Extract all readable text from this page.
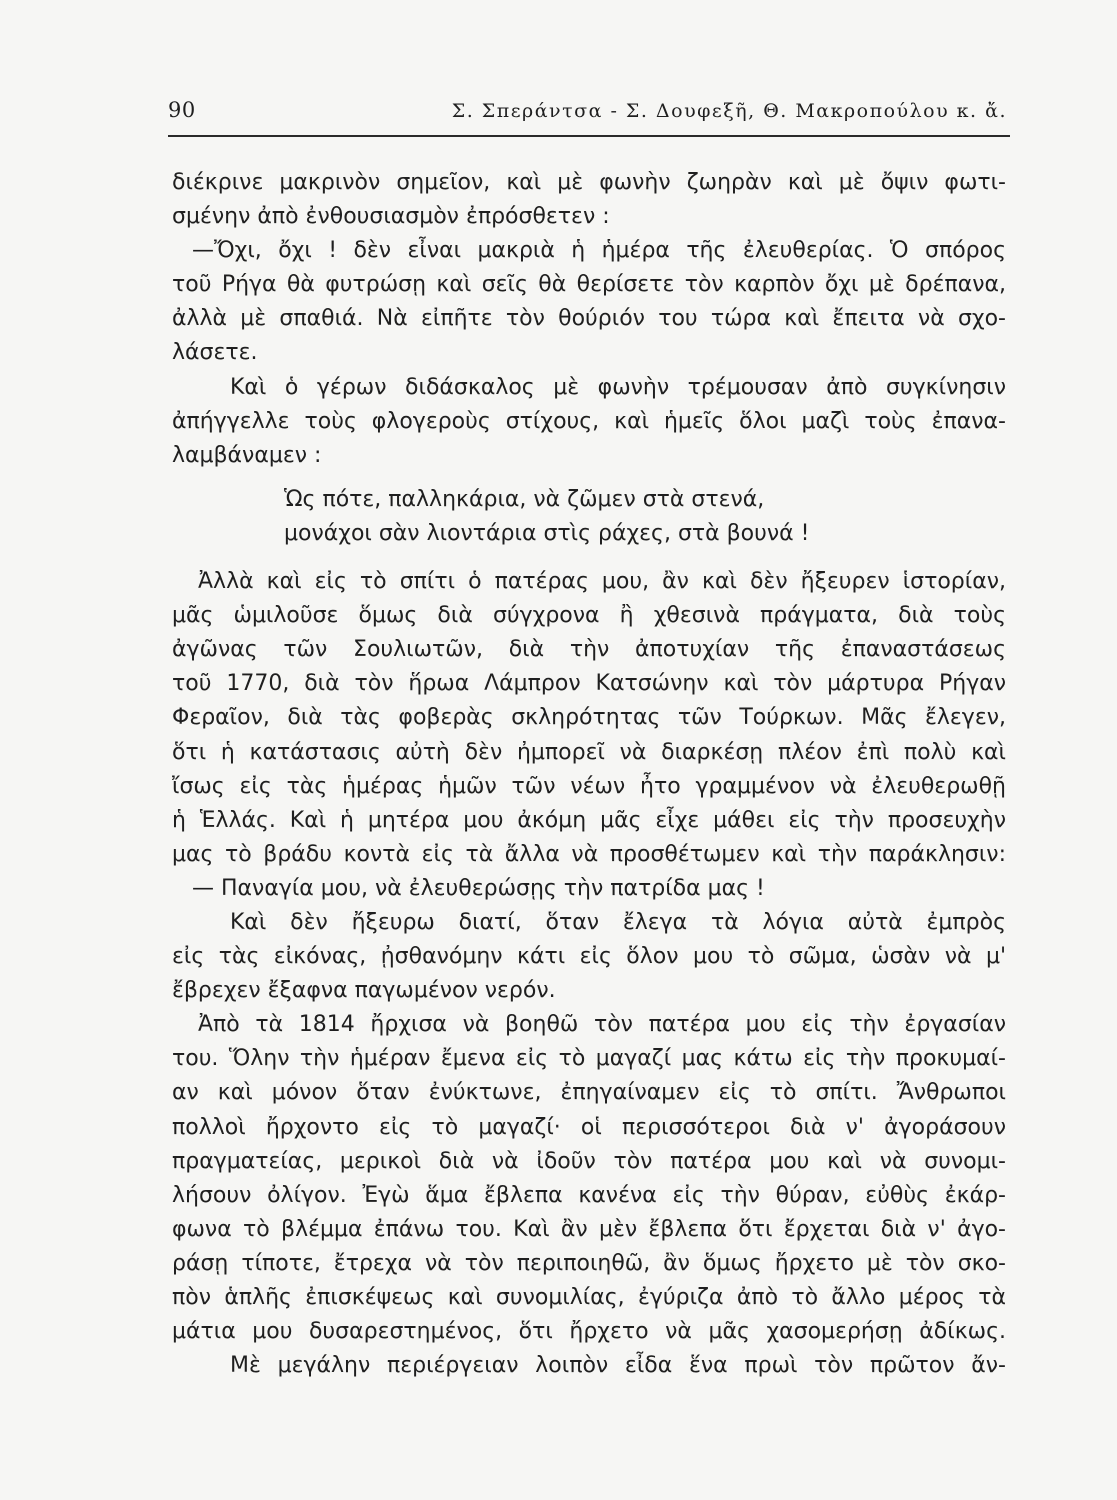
90	Σ. Σπεράντσα - Σ. Δουφεξῆ, Θ. Μακροπούλου κ. ἄ.
διέκρινε μακρινὸν σημεῖον, καὶ μὲ φωνὴν ζωηρὰν καὶ μὲ ὄψιν φωτι-
σμένην ἀπὸ ἐνθουσιασμὸν ἐπρόσθετεν :
—Ὄχι, ὄχι ! δὲν εἶναι μακριὰ ἡ ἡμέρα τῆς ἐλευθερίας. Ὁ σπόρος
τοῦ Ρήγα θὰ φυτρώσῃ καὶ σεῖς θὰ θερίσετε τὸν καρπὸν ὄχι μὲ δρέπανα,
ἀλλὰ μὲ σπαθιά. Νὰ εἰπῆτε τὸν θούριόν του τώρα καὶ ἔπειτα νὰ σχο-
λάσετε.
Καὶ ὁ γέρων διδάσκαλος μὲ φωνὴν τρέμουσαν ἀπὸ συγκίνησιν
ἀπήγγελλε τοὺς φλογεροὺς στίχους, καὶ ἡμεῖς ὅλοι μαζὶ τοὺς ἐπανα-
λαμβάναμεν :
Ὡς πότε, παλληκάρια, νὰ ζῶμεν στὰ στενά,
μονάχοι σὰν λιοντάρια στὶς ράχες, στὰ βουνά !
Ἀλλὰ καὶ εἰς τὸ σπίτι ὁ πατέρας μου, ἂν καὶ δὲν ἤξευρεν ἱστορίαν,
μᾶς ὡμιλοῦσε ὅμως διὰ σύγχρονα ἢ χθεσινὰ πράγματα, διὰ τοὺς
ἀγῶνας τῶν Σουλιωτῶν, διὰ τὴν ἀποτυχίαν τῆς ἐπαναστάσεως
τοῦ 1770, διὰ τὸν ἥρωα Λάμπρον Κατσώνην καὶ τὸν μάρτυρα Ρήγαν
Φεραῖον, διὰ τὰς φοβερὰς σκληρότητας τῶν Τούρκων. Μᾶς ἔλεγεν,
ὅτι ἡ κατάστασις αὐτὴ δὲν ἠμπορεῖ νὰ διαρκέσῃ πλέον ἐπὶ πολὺ καὶ
ἴσως εἰς τὰς ἡμέρας ἡμῶν τῶν νέων ἦτο γραμμένον νὰ ἐλευθερωθῇ
ἡ Ἑλλάς. Καὶ ἡ μητέρα μου ἀκόμη μᾶς εἶχε μάθει εἰς τὴν προσευχὴν
μας τὸ βράδυ κοντὰ εἰς τὰ ἄλλα νὰ προσθέτωμεν καὶ τὴν παράκλησιν:
— Παναγία μου, νὰ ἐλευθερώσῃς τὴν πατρίδα μας !
Καὶ δὲν ἤξευρω διατί, ὅταν ἔλεγα τὰ λόγια αὐτὰ ἐμπρὸς
εἰς τὰς εἰκόνας, ᾐσθανόμην κάτι εἰς ὅλον μου τὸ σῶμα, ὡσὰν νὰ μ'
ἔβρεχεν ἔξαφνα παγωμένον νερόν.
Ἀπὸ τὰ 1814 ἤρχισα νὰ βοηθῶ τὸν πατέρα μου εἰς τὴν ἐργασίαν
του. Ὅλην τὴν ἡμέραν ἔμενα εἰς τὸ μαγαζί μας κάτω εἰς τὴν προκυμαί-
αν καὶ μόνον ὅταν ἐνύκτωνε, ἐπηγαίναμεν εἰς τὸ σπίτι. Ἄνθρωποι
πολλοὶ ἤρχοντο εἰς τὸ μαγαζί· οἱ περισσότεροι διὰ ν' ἀγοράσουν
πραγματείας, μερικοὶ διὰ νὰ ἰδοῦν τὸν πατέρα μου καὶ νὰ συνομι-
λήσουν ὀλίγον. Ἐγὼ ἅμα ἔβλεπα κανένα εἰς τὴν θύραν, εὐθὺς ἐκάρ-
φωνα τὸ βλέμμα ἐπάνω του. Καὶ ἂν μὲν ἔβλεπα ὅτι ἔρχεται διὰ ν' ἀγο-
ράσῃ τίποτε, ἔτρεχα νὰ τὸν περιποιηθῶ, ἂν ὅμως ἤρχετο μὲ τὸν σκο-
πὸν ἁπλῆς ἐπισκέψεως καὶ συνομιλίας, ἐγύριζα ἀπὸ τὸ ἄλλο μέρος τὰ
μάτια μου δυσαρεστημένος, ὅτι ἤρχετο νὰ μᾶς χασομερήσῃ ἀδίκως.
Μὲ μεγάλην περιέργειαν λοιπὸν εἶδα ἕνα πρωὶ τὸν πρῶτον ἄν-
